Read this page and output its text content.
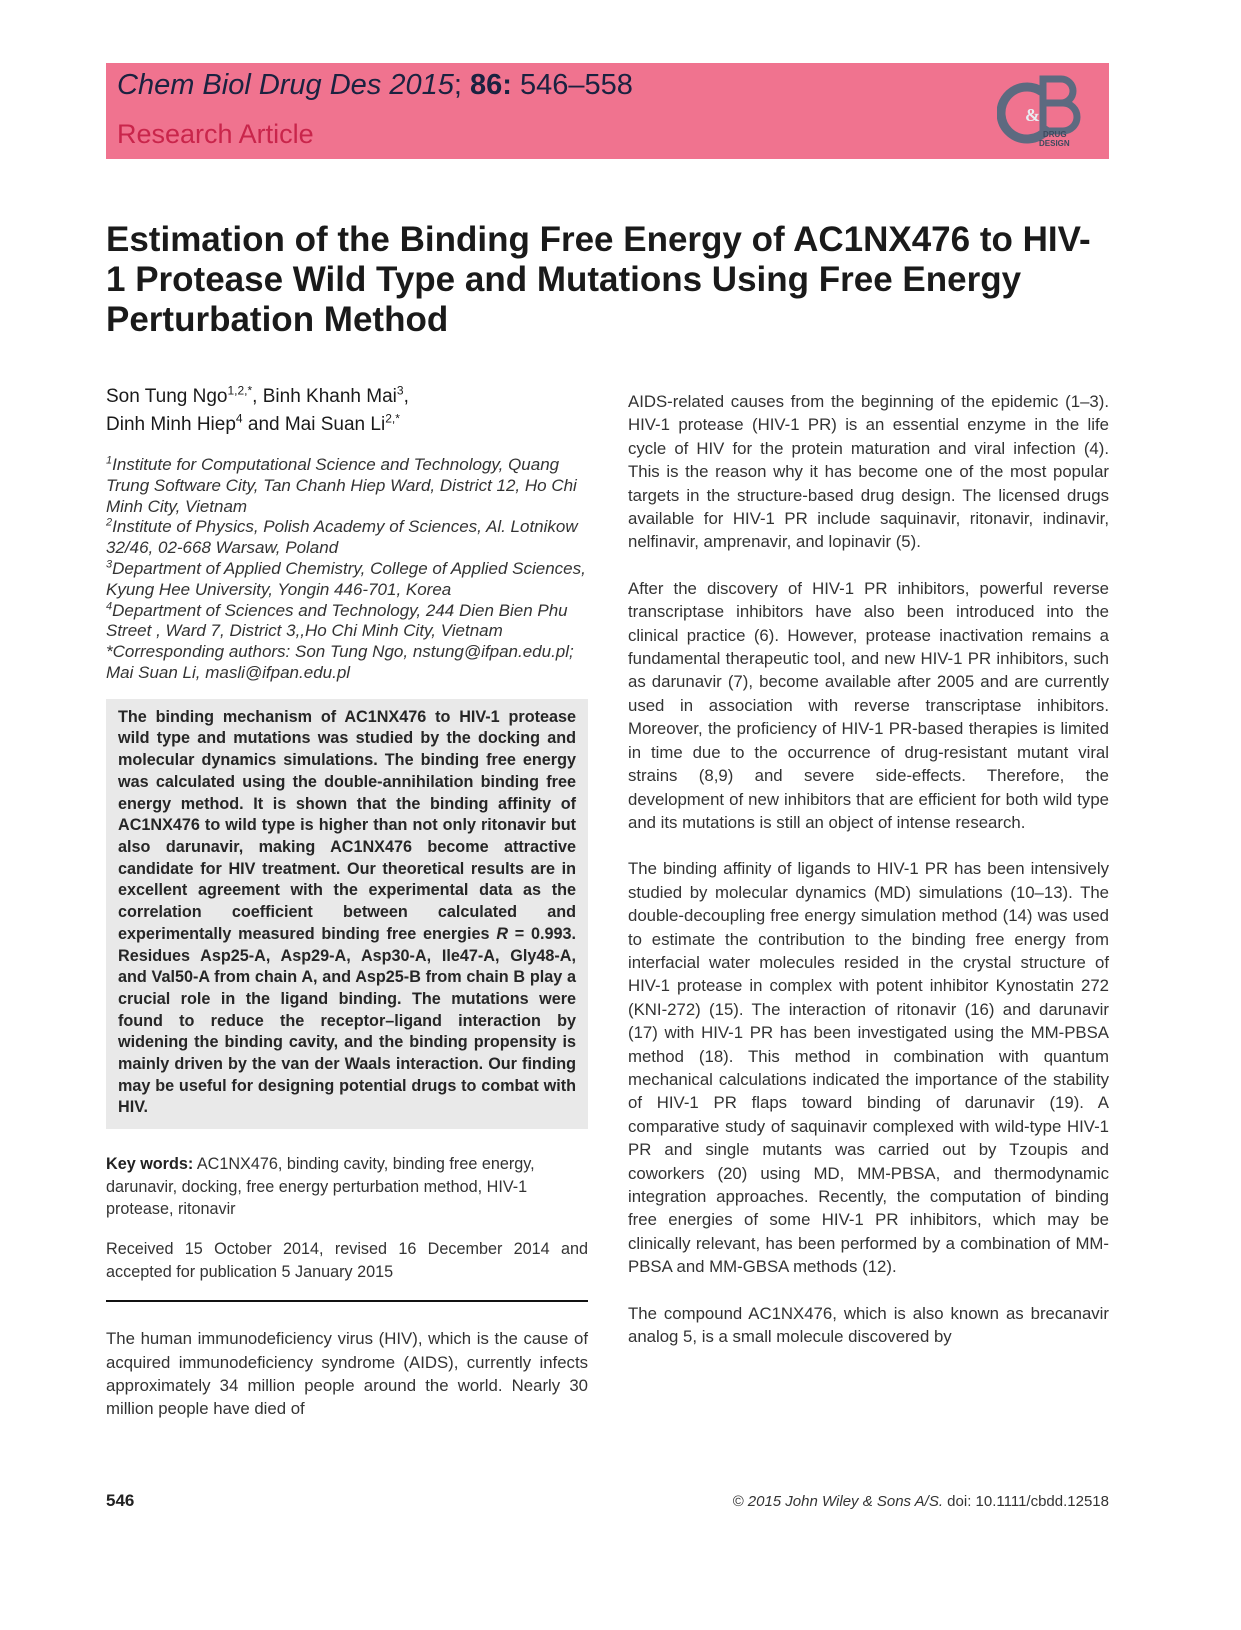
Chem Biol Drug Des 2015; 86: 546–558
Research Article
&
DRUG
DESIGN
Estimation of the Binding Free Energy of AC1NX476 to HIV-1 Protease Wild Type and Mutations Using Free Energy Perturbation Method

Son Tung Ngo$^{1,2,*}$, Binh Khanh Mai$^3$,
Dinh Minh Hiep$^4$ and Mai Suan $Li^{2,*}$

$^1$Institute for Computational Science and Technology, Quang Trung Software City, Tan Chanh Hiep Ward, District 12, Ho Chi Minh City, Vietnam
$^2$Institute of Physics, Polish Academy of Sciences, Al. Lotnikow 32/46, 02-668 Warsaw, Poland
$^3$Department of Applied Chemistry, College of Applied Sciences, Kyung Hee University, Yongin 446-701, Korea
$^4$Department of Sciences and Technology, 244 Dien Bien Phu Street , Ward 7, District 3,,Ho Chi Minh City, Vietnam
*Corresponding authors: Son Tung Ngo, nstung@ifpan.edu.pl; Mai Suan Li, masli@ifpan.edu.pl
The binding mechanism of AC1NX476 to HIV-1 protease wild type and mutations was studied by the docking and molecular dynamics simulations. The binding free energy was calculated using the double-annihilation binding free energy method. It is shown that the binding affinity of AC1NX476 to wild type is higher than not only ritonavir but also darunavir, making AC1NX476 become attractive candidate for HIV treatment. Our theoretical results are in excellent agreement with the experimental data as the correlation coefficient between calculated and experimentally measured binding free energies R = 0.993. Residues Asp25-A, Asp29-A, Asp30-A, Ile47-A, Gly48-A, and Val50-A from chain A, and Asp25-B from chain B play a crucial role in the ligand binding. The mutations were found to reduce the receptor–ligand interaction by widening the binding cavity, and the binding propensity is mainly driven by the van der Waals interaction. Our finding may be useful for designing potential drugs to combat with HIV.
Key words: AC1NX476, binding cavity, binding free energy, darunavir, docking, free energy perturbation method, HIV-1 protease, ritonavir
Received 15 October 2014, revised 16 December 2014 and accepted for publication 5 January 2015

The human immunodeficiency virus (HIV), which is the cause of acquired immunodeficiency syndrome (AIDS), currently infects approximately 34 million people around the world. Nearly 30 million people have died of

AIDS-related causes from the beginning of the epidemic (1–3). HIV-1 protease (HIV-1 PR) is an essential enzyme in the life cycle of HIV for the protein maturation and viral infection (4). This is the reason why it has become one of the most popular targets in the structure-based drug design. The licensed drugs available for HIV-1 PR include saquinavir, ritonavir, indinavir, nelfinavir, amprenavir, and lopinavir (5).

After the discovery of HIV-1 PR inhibitors, powerful reverse transcriptase inhibitors have also been introduced into the clinical practice (6). However, protease inactivation remains a fundamental therapeutic tool, and new HIV-1 PR inhibitors, such as darunavir (7), become available after 2005 and are currently used in association with reverse transcriptase inhibitors. Moreover, the proficiency of HIV-1 PR-based therapies is limited in time due to the occurrence of drug-resistant mutant viral strains (8,9) and severe side-effects. Therefore, the development of new inhibitors that are efficient for both wild type and its mutations is still an object of intense research.

The binding affinity of ligands to HIV-1 PR has been intensively studied by molecular dynamics (MD) simulations (10–13). The double-decoupling free energy simulation method (14) was used to estimate the contribution to the binding free energy from interfacial water molecules resided in the crystal structure of HIV-1 protease in complex with potent inhibitor Kynostatin 272 (KNI-272) (15). The interaction of ritonavir (16) and darunavir (17) with HIV-1 PR has been investigated using the MM-PBSA method (18). This method in combination with quantum mechanical calculations indicated the importance of the stability of HIV-1 PR flaps toward binding of darunavir (19). A comparative study of saquinavir complexed with wild-type HIV-1 PR and single mutants was carried out by Tzoupis and coworkers (20) using MD, MM-PBSA, and thermodynamic integration approaches. Recently, the computation of binding free energies of some HIV-1 PR inhibitors, which may be clinically relevant, has been performed by a combination of MM-PBSA and MM-GBSA methods (12).

The compound AC1NX476, which is also known as brecanavir analog 5, is a small molecule discovered by

546	© 2015 John Wiley & Sons A/S. doi: 10.1111/cbdd.12518
